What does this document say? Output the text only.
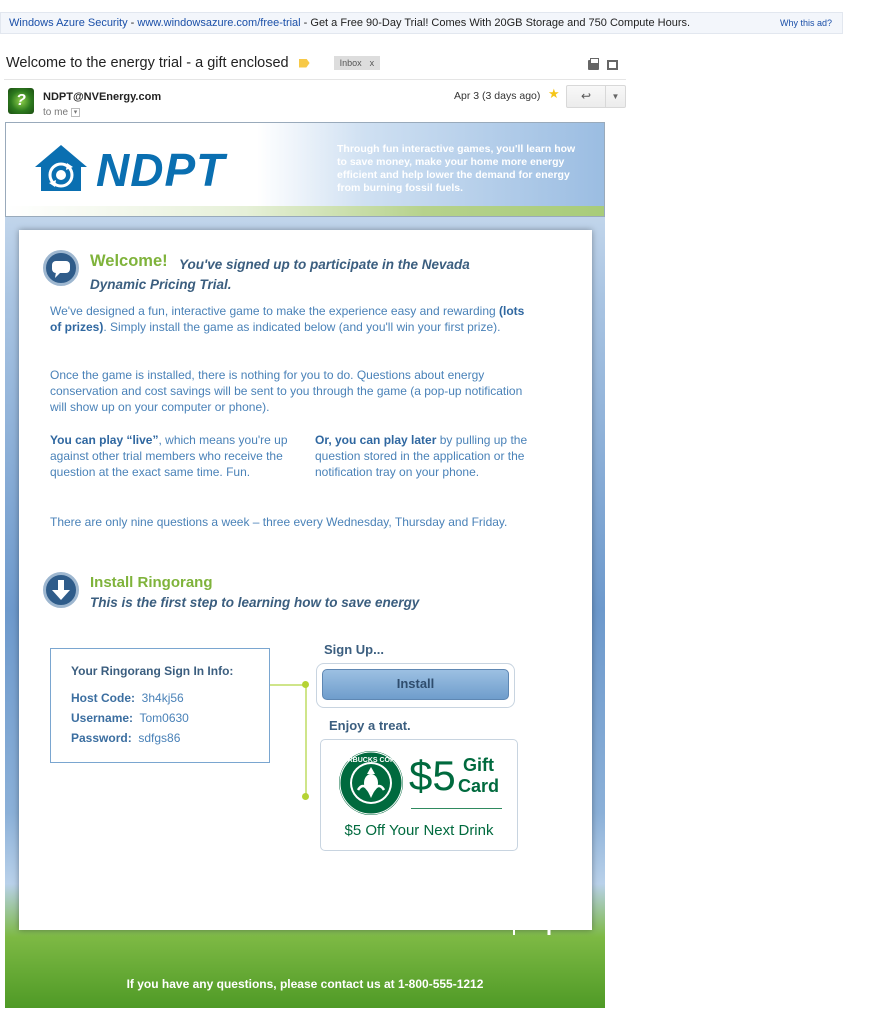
Windows Azure Security - www.windowsazure.com/free-trial - Get a Free 90-Day Trial! Comes With 20GB Storage and 750 Compute Hours.	Why this ad?
Welcome to the energy trial - a gift enclosed	Inbox x
?	NDPT@NVEnergy.com
to me ▾
Apr 3 (3 days ago) ★	↩	▼
NDPT	Through fun interactive games, you'll learn how to save money, make your home more energy efficient and help lower the demand for energy from burning fossil fuels.
Welcome! You've signed up to participate in the Nevada Dynamic Pricing Trial.
We've designed a fun, interactive game to make the experience easy and rewarding (lots of prizes). Simply install the game as indicated below (and you'll win your first prize).
Once the game is installed, there is nothing for you to do. Questions about energy conservation and cost savings will be sent to you through the game (a pop-up notification will show up on your computer or phone).
You can play “live”, which means you're up against other trial members who receive the question at the exact same time. Fun.
Or, you can play later by pulling up the question stored in the application or the notification tray on your phone.
There are only nine questions a week – three every Wednesday, Thursday and Friday.
Install Ringorang
This is the first step to learning how to save energy
Your Ringorang Sign In Info:
Host Code: 3h4kj56
Username: Tom0630
Password: sdfgs86
Sign Up...
Install
Enjoy a treat.
STARBUCKS COFFEE $5 Gift
Card
$5 Off Your Next Drink
If you have any questions, please contact us at 1-800-555-1212
